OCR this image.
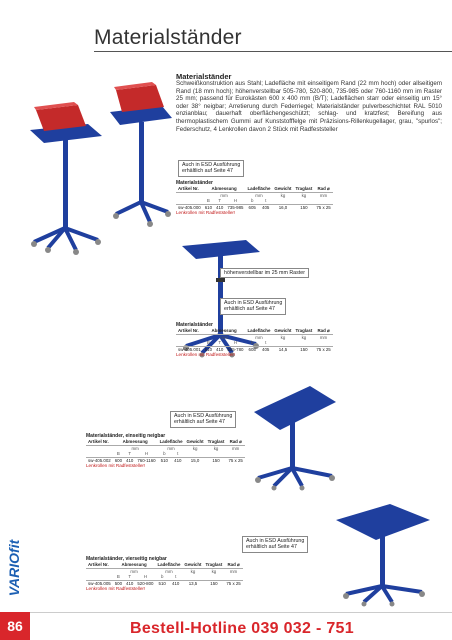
Materialständer
Materialständer
Schweißkonstruktion aus Stahl; Ladefläche mit einseitigem Rand (22 mm hoch) oder allseitigem Rand (18 mm hoch); höhenverstellbar 505-780, 520-800, 735-985 oder 760-1160 mm im Raster 25 mm; passend für Eurokästen 600 x 400 mm (B/T); Ladeflächen starr oder einseitig um 15° oder 38° neigbar; Arretierung durch Federriegel; Materialständer pulverbeschichtet RAL 5010 enzianblau; dauerhaft oberflächengeschützt; schlag- und kratzfest; Bereifung aus thermoplastischem Gummi auf Kunststofffelge mit Präzisions-Rillenkugellager, grau, "spurlos"; Federschutz, 4 Lenkrollen davon 2 Stück mit Radfeststeller
Auch in ESD Ausführung
erhältlich auf Seite 47
Materialständer
Artikel Nr.	Abmessung			Ladefläche		Gewicht	Traglast	Rad ⌀
	mm			mm		kg	kg	mm
	B	T	H	b	t			
sw-405.000	610	410	735-985	605	405	16,0	150	75 x 25
Lenkrollen mit Radfeststeller!
höhenverstellbar im 25 mm Raster
Auch in ESD Ausführung
erhältlich auf Seite 47
Materialständer
Artikel Nr.	Abmessung			Ladefläche		Gewicht	Traglast	Rad ⌀
	mm			mm		kg	kg	mm
	B	T	H	b	t			
sw-405.001	610	410	505-780	605	405	14,5	150	75 x 25
Lenkrollen mit Radfeststeller!
Auch in ESD Ausführung
erhältlich auf Seite 47
Materialständer, einseitig neigbar
Artikel Nr.	Abmessung			Ladefläche		Gewicht	Traglast	Rad ⌀
	mm			mm		kg	kg	mm
	B	T	H	b	t			
sw-405.002	600	410	760-1160	510	410	15,0	150	75 x 25
Lenkrollen mit Radfeststeller!
Auch in ESD Ausführung
erhältlich auf Seite 47
Materialständer, vierseitig neigbar
Artikel Nr.	Abmessung			Ladefläche		Gewicht	Traglast	Rad ⌀
	mm			mm		kg	kg	mm
	B	T	H	b	t			
sw-405.005	500	410	520-800	510	410	13,5	150	75 x 25
Lenkrollen mit Radfeststeller!
VARIOfit
86	Bestell-Hotline 039 032 - 751
